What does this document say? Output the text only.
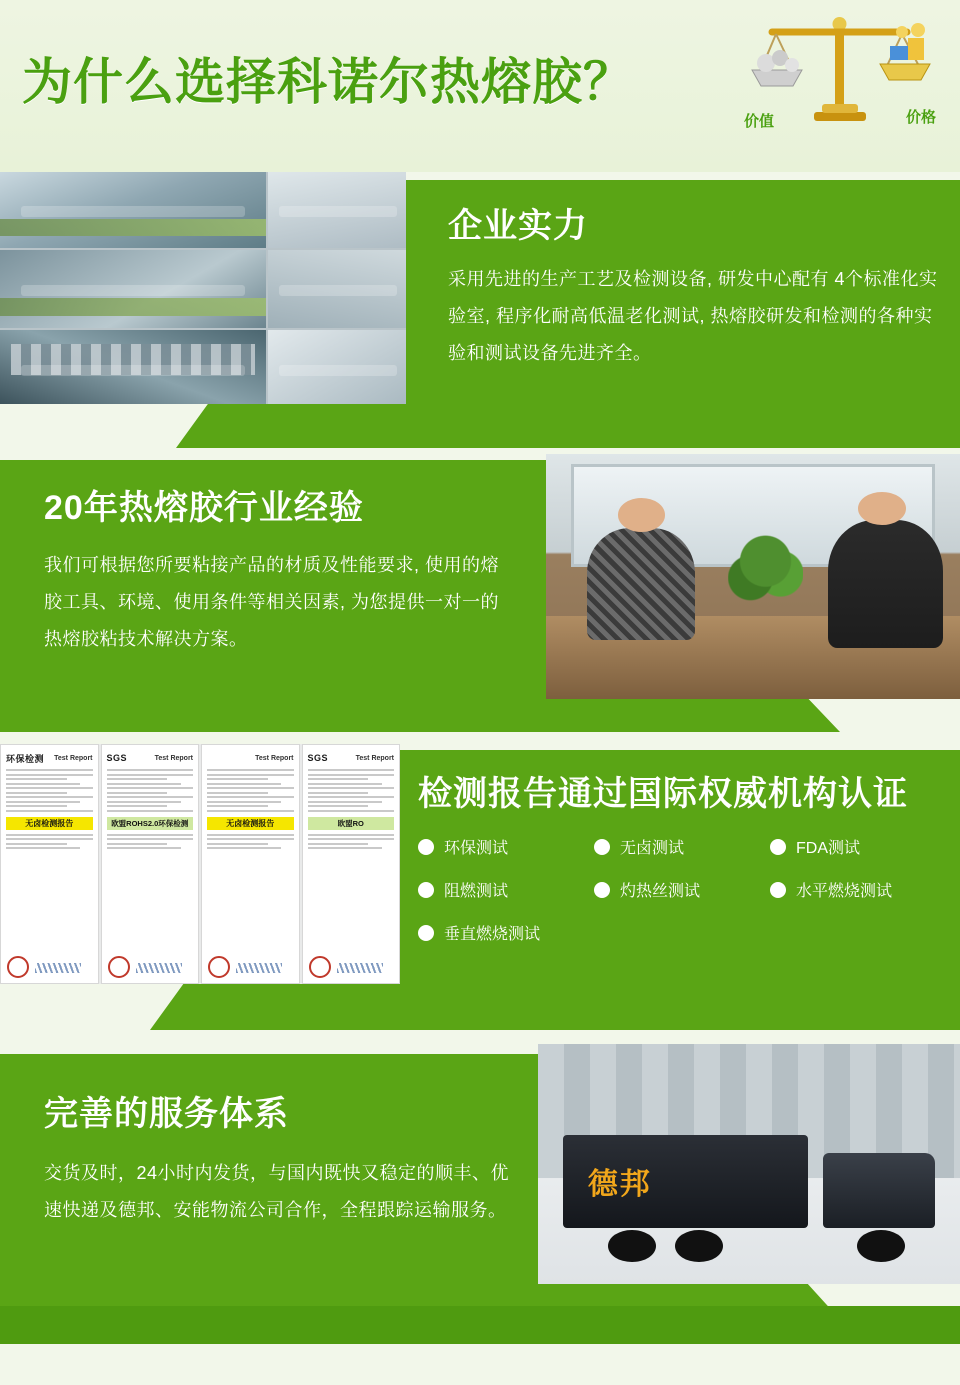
为什么选择科诺尔热熔胶？
价值	价格
企业实力
采用先进的生产工艺及检测设备, 研发中心配有 4个标准化实验室, 程序化耐高低温老化测试, 热熔胶研发和检测的各种实验和测试设备先进齐全。
20年热熔胶行业经验
我们可根据您所要粘接产品的材质及性能要求, 使用的熔胶工具、环境、使用条件等相关因素, 为您提供一对一的热熔胶粘技术解决方案。
环保检测 Test Report
无卤检测报告
SGS	Test Report
欧盟ROHS2.0环保检测
Test Report
无卤检测报告
SGS	Test Report
欧盟RO
检测报告通过国际权威机构认证
环保测试	无卤测试	FDA测试
阻燃测试	灼热丝测试	水平燃烧测试
垂直燃烧测试
完善的服务体系
交货及时，24小时内发货，与国内既快又稳定的顺丰、优速快递及德邦、安能物流公司合作，全程跟踪运输服务。
德邦
